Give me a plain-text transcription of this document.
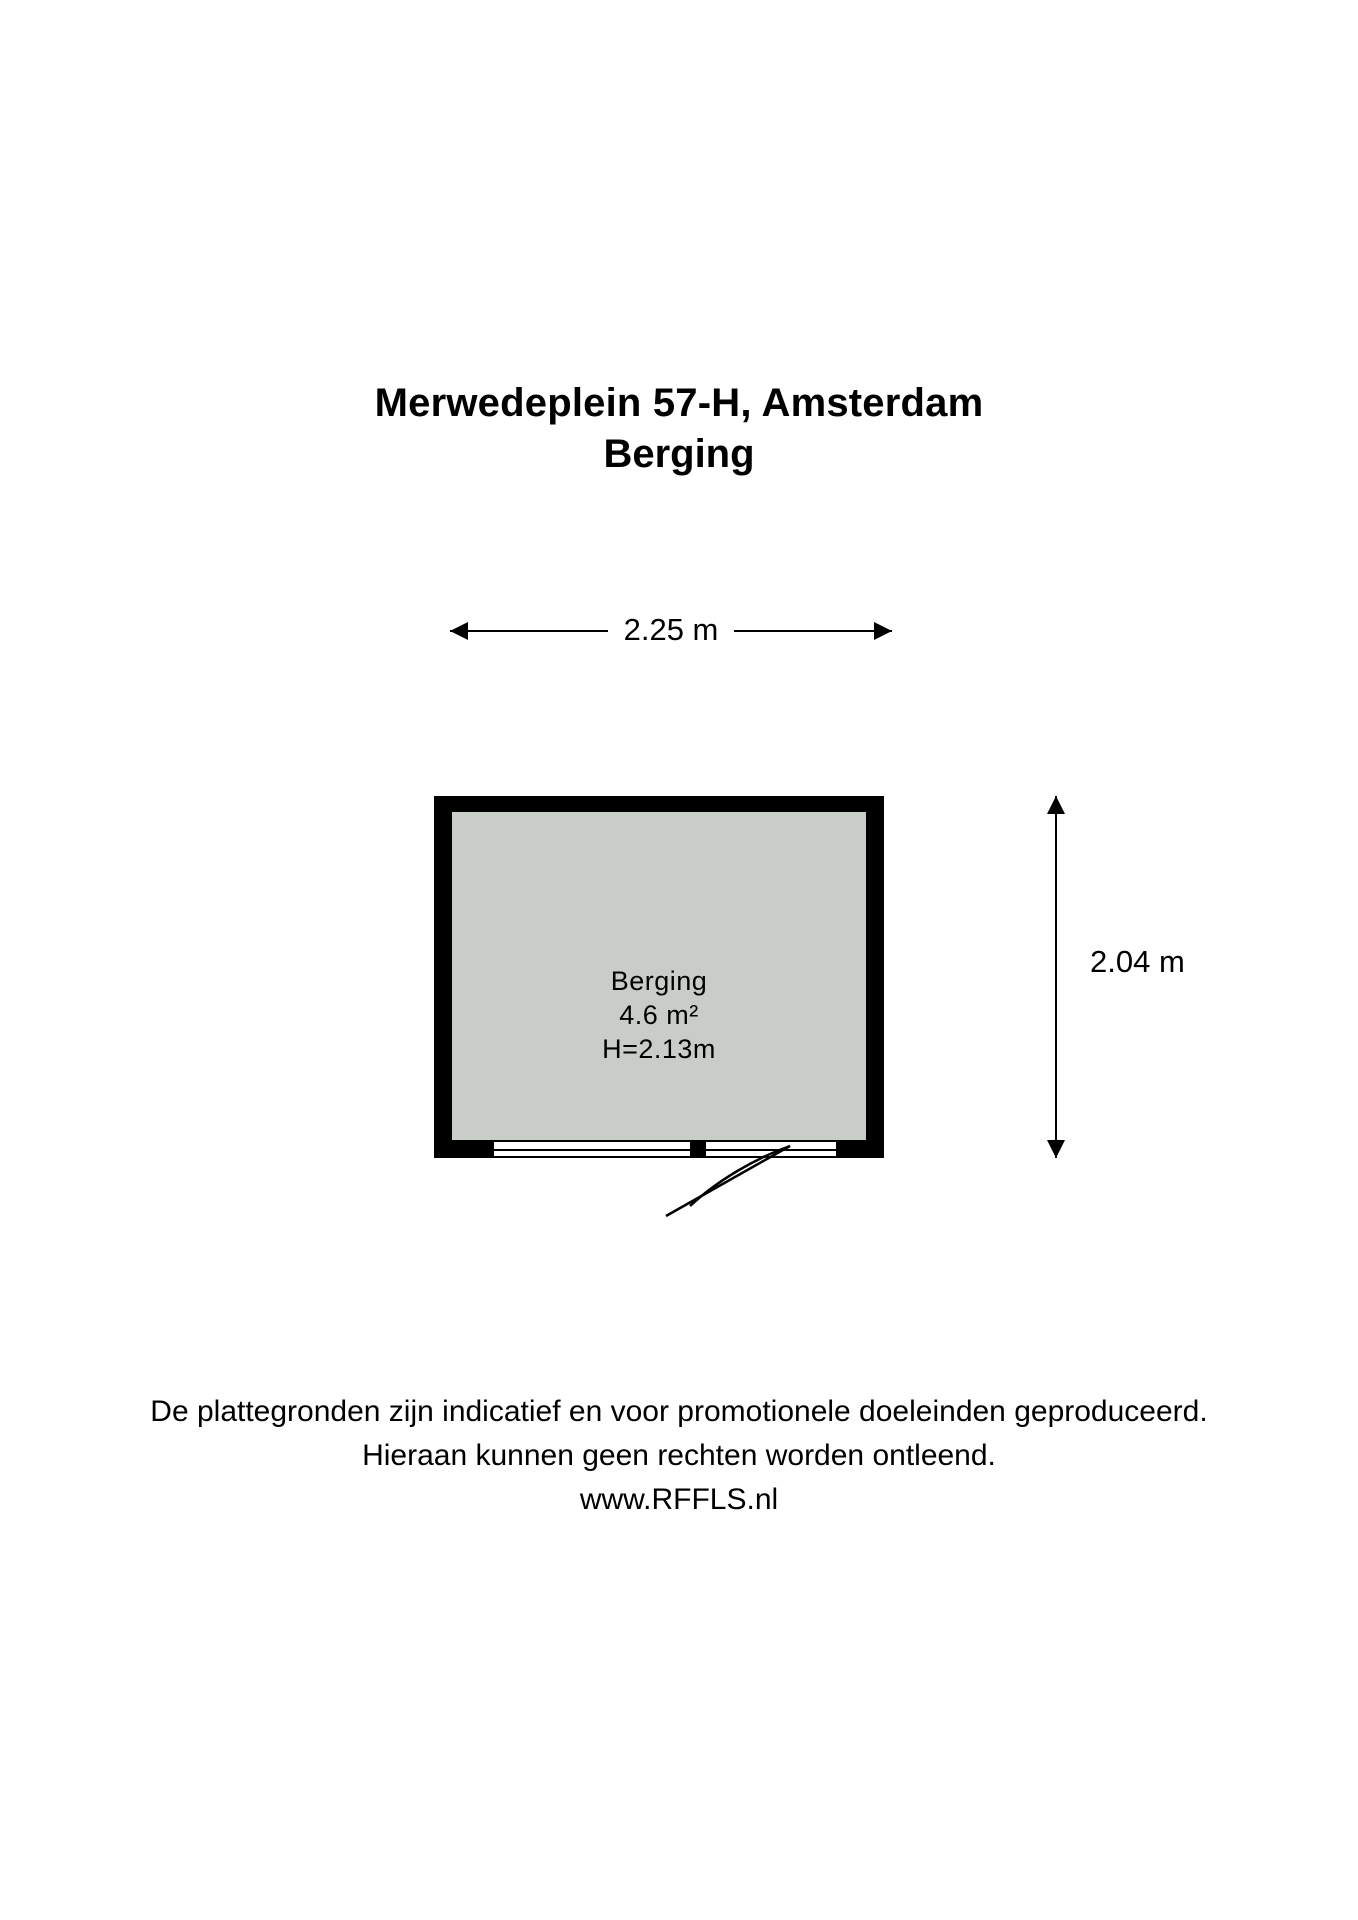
Merwedeplein 57-H, Amsterdam
Berging
2.25 m
Berging
4.6 m²
H=2.13m
2.04 m
De plattegronden zijn indicatief en voor promotionele doeleinden geproduceerd.
Hieraan kunnen geen rechten worden ontleend.
www.RFFLS.nl
